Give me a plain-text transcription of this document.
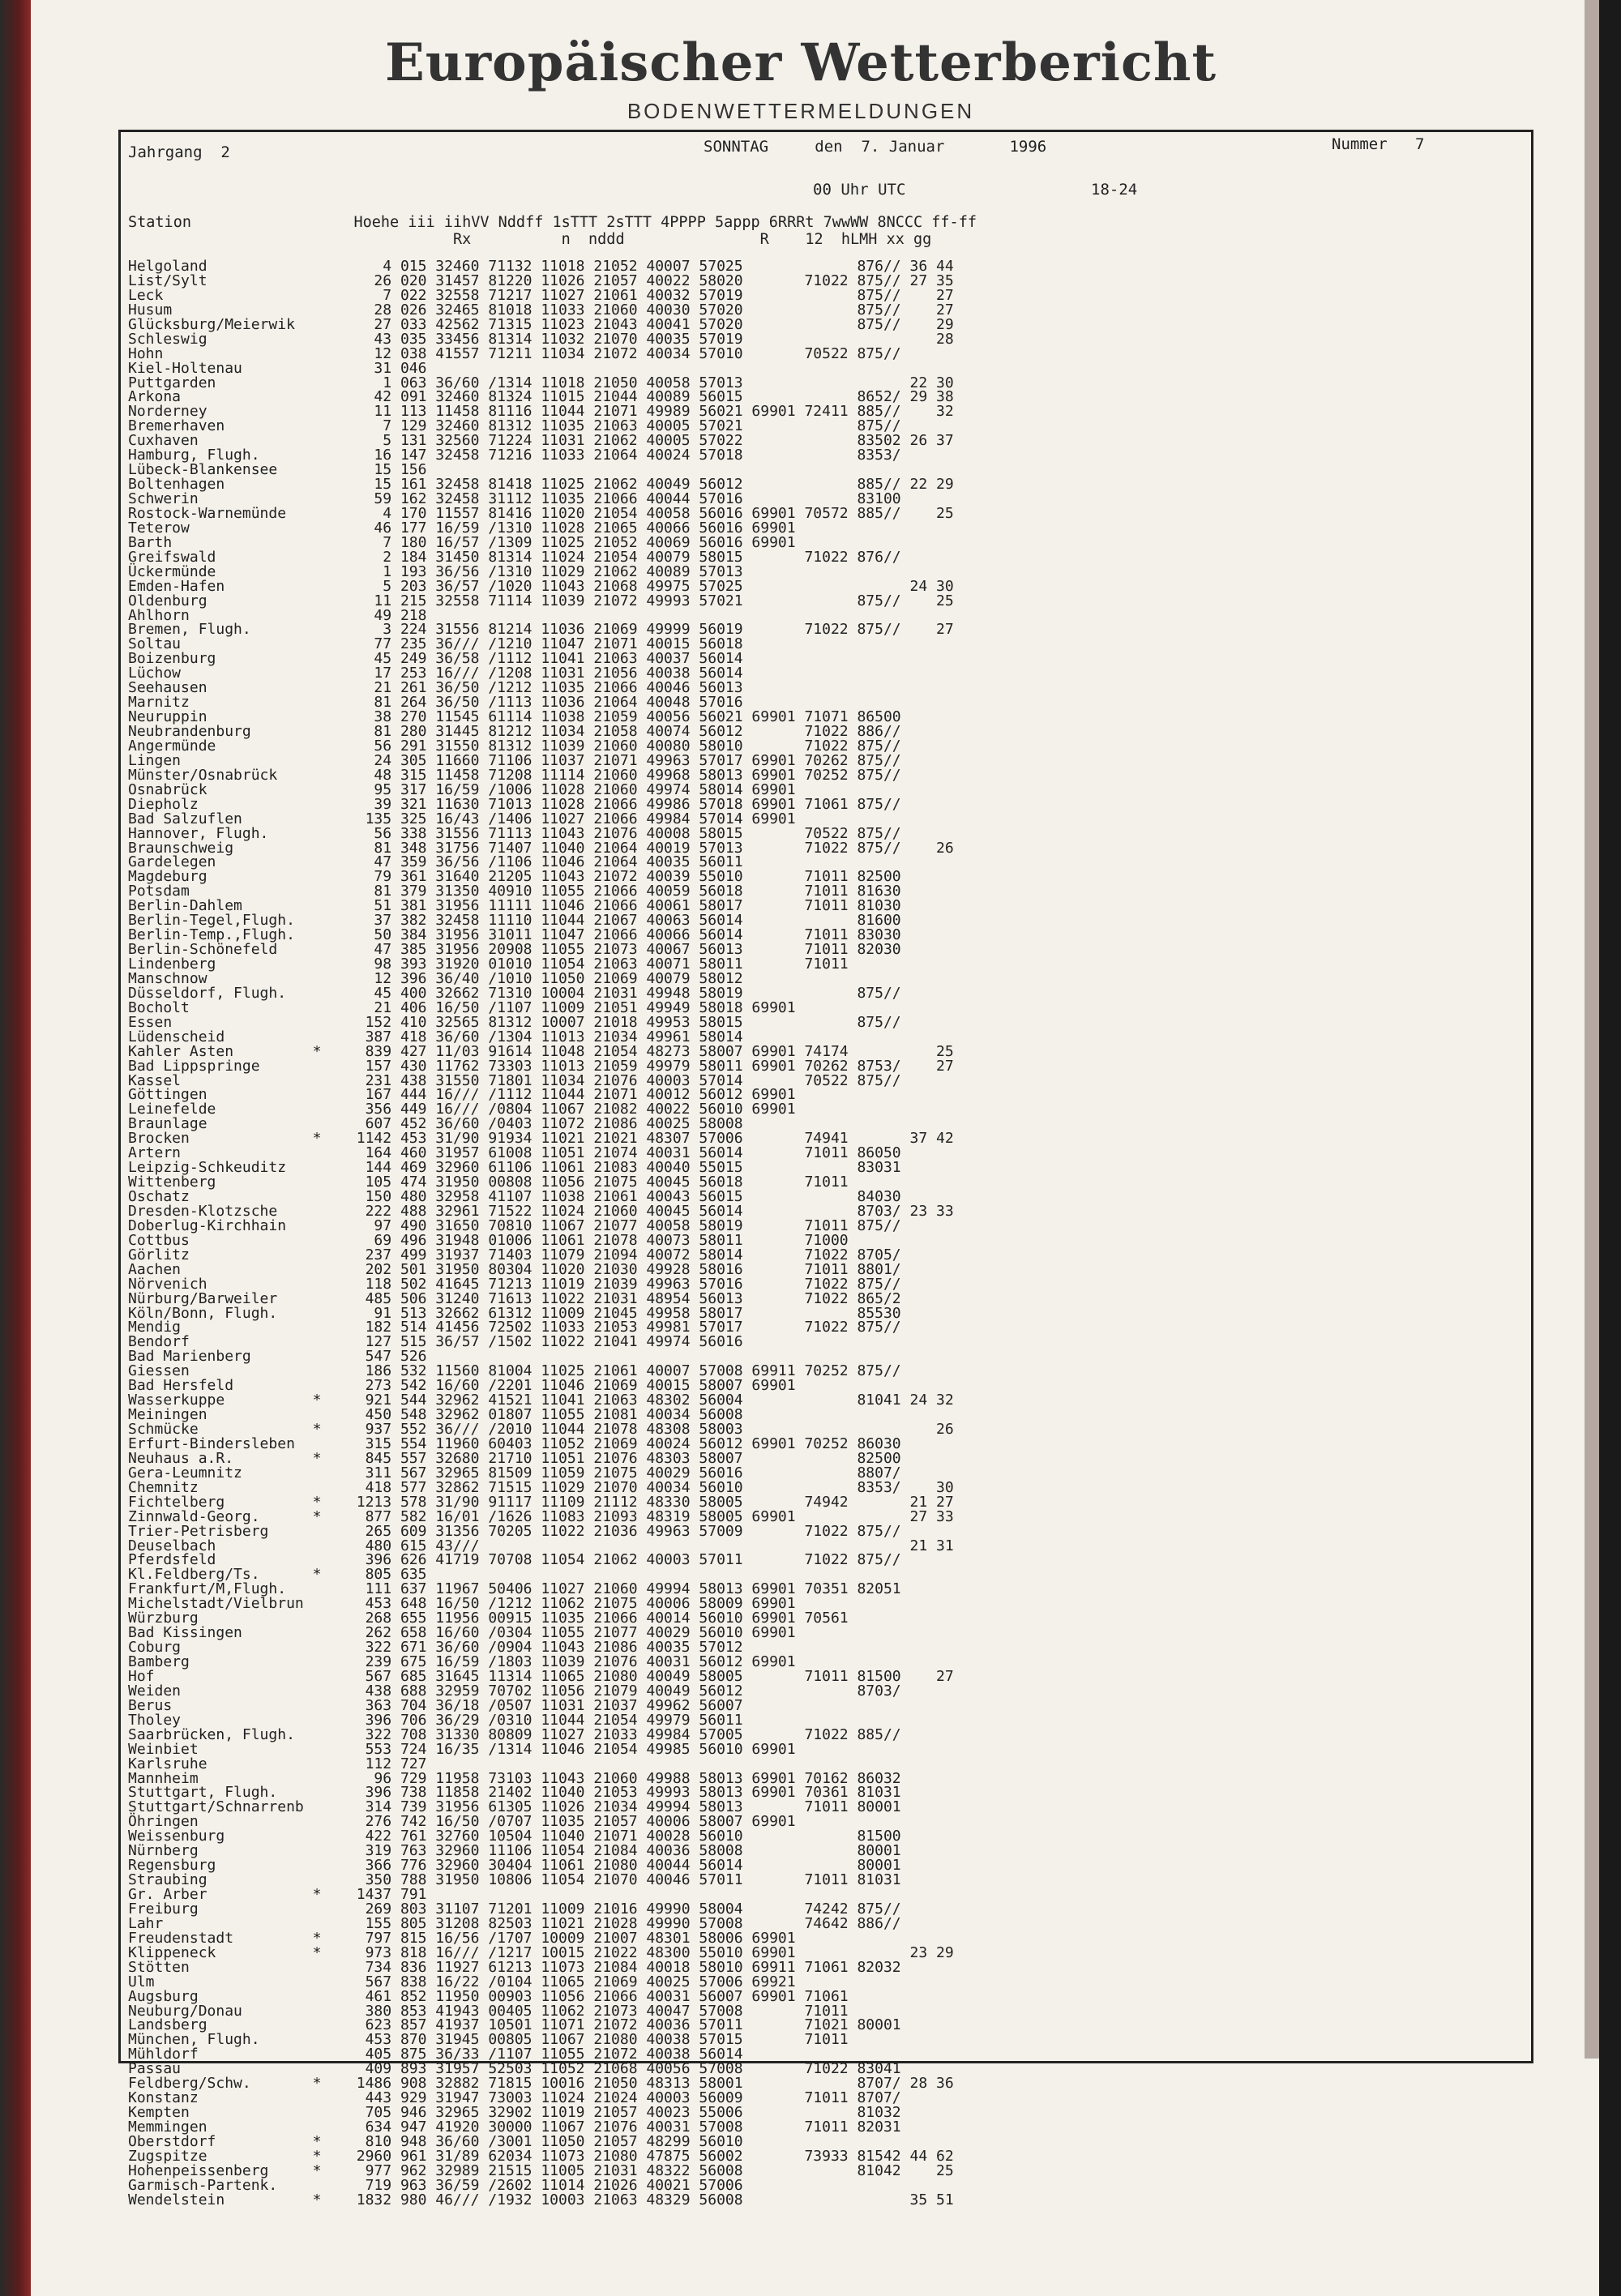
Europäischer Wetterbericht
BODENWETTERMELDUNGEN
Jahrgang  2	SONNTAG     den  7. Januar       1996	Nummer   7
00 Uhr UTC	18-24
Station                  Hoehe iii iihVV Nddff 1sTTT 2sTTT 4PPPP 5appp 6RRRt 7wwWW 8NCCC ff-ff
Rx          n  nddd               R    12  hLMH xx gg
Helgoland                    4 015 32460 71132 11018 21052 40007 57025             876// 36 44
List/Sylt                   26 020 31457 81220 11026 21057 40022 58020       71022 875// 27 35
Leck                         7 022 32558 71217 11027 21061 40032 57019             875//    27
Husum                       28 026 32465 81018 11033 21060 40030 57020             875//    27
Glücksburg/Meierwik         27 033 42562 71315 11023 21043 40041 57020             875//    29
Schleswig                   43 035 33456 81314 11032 21070 40035 57019                      28
Hohn                        12 038 41557 71211 11034 21072 40034 57010       70522 875//
Kiel-Holtenau               31 046
Puttgarden                   1 063 36/60 /1314 11018 21050 40058 57013                   22 30
Arkona                      42 091 32460 81324 11015 21044 40089 56015             8652/ 29 38
Norderney                   11 113 11458 81116 11044 21071 49989 56021 69901 72411 885//    32
Bremerhaven                  7 129 32460 81312 11035 21063 40005 57021             875//
Cuxhaven                     5 131 32560 71224 11031 21062 40005 57022             83502 26 37
Hamburg, Flugh.             16 147 32458 71216 11033 21064 40024 57018             8353/
Lübeck-Blankensee           15 156
Boltenhagen                 15 161 32458 81418 11025 21062 40049 56012             885// 22 29
Schwerin                    59 162 32458 31112 11035 21066 40044 57016             83100
Rostock-Warnemünde           4 170 11557 81416 11020 21054 40058 56016 69901 70572 885//    25
Teterow                     46 177 16/59 /1310 11028 21065 40066 56016 69901
Barth                        7 180 16/57 /1309 11025 21052 40069 56016 69901
Greifswald                   2 184 31450 81314 11024 21054 40079 58015       71022 876//
Ückermünde                   1 193 36/56 /1310 11029 21062 40089 57013
Emden-Hafen                  5 203 36/57 /1020 11043 21068 49975 57025                   24 30
Oldenburg                   11 215 32558 71114 11039 21072 49993 57021             875//    25
Ahlhorn                     49 218
Bremen, Flugh.               3 224 31556 81214 11036 21069 49999 56019       71022 875//    27
Soltau                      77 235 36/// /1210 11047 21071 40015 56018
Boizenburg                  45 249 36/58 /1112 11041 21063 40037 56014
Lüchow                      17 253 16/// /1208 11031 21056 40038 56014
Seehausen                   21 261 36/50 /1212 11035 21066 40046 56013
Marnitz                     81 264 36/50 /1113 11036 21064 40048 57016
Neuruppin                   38 270 11545 61114 11038 21059 40056 56021 69901 71071 86500
Neubrandenburg              81 280 31445 81212 11034 21058 40074 56012       71022 886//
Angermünde                  56 291 31550 81312 11039 21060 40080 58010       71022 875//
Lingen                      24 305 11660 71106 11037 21071 49963 57017 69901 70262 875//
Münster/Osnabrück           48 315 11458 71208 11114 21060 49968 58013 69901 70252 875//
Osnabrück                   95 317 16/59 /1006 11028 21060 49974 58014 69901
Diepholz                    39 321 11630 71013 11028 21066 49986 57018 69901 71061 875//
Bad Salzuflen              135 325 16/43 /1406 11027 21066 49984 57014 69901
Hannover, Flugh.            56 338 31556 71113 11043 21076 40008 58015       70522 875//
Braunschweig                81 348 31756 71407 11040 21064 40019 57013       71022 875//    26
Gardelegen                  47 359 36/56 /1106 11046 21064 40035 56011
Magdeburg                   79 361 31640 21205 11043 21072 40039 55010       71011 82500
Potsdam                     81 379 31350 40910 11055 21066 40059 56018       71011 81630
Berlin-Dahlem               51 381 31956 11111 11046 21066 40061 58017       71011 81030
Berlin-Tegel,Flugh.         37 382 32458 11110 11044 21067 40063 56014             81600
Berlin-Temp.,Flugh.         50 384 31956 31011 11047 21066 40066 56014       71011 83030
Berlin-Schönefeld           47 385 31956 20908 11055 21073 40067 56013       71011 82030
Lindenberg                  98 393 31920 01010 11054 21063 40071 58011       71011
Manschnow                   12 396 36/40 /1010 11050 21069 40079 58012
Düsseldorf, Flugh.          45 400 32662 71310 10004 21031 49948 58019             875//
Bocholt                     21 406 16/50 /1107 11009 21051 49949 58018 69901
Essen                      152 410 32565 81312 10007 21018 49953 58015             875//
Lüdenscheid                387 418 36/60 /1304 11013 21034 49961 58014
Kahler Asten         *     839 427 11/03 91614 11048 21054 48273 58007 69901 74174          25
Bad Lippspringe            157 430 11762 73303 11013 21059 49979 58011 69901 70262 8753/    27
Kassel                     231 438 31550 71801 11034 21076 40003 57014       70522 875//
Göttingen                  167 444 16/// /1112 11044 21071 40012 56012 69901
Leinefelde                 356 449 16/// /0804 11067 21082 40022 56010 69901
Braunlage                  607 452 36/60 /0403 11072 21086 40025 58008
Brocken              *    1142 453 31/90 91934 11021 21021 48307 57006       74941       37 42
Artern                     164 460 31957 61008 11051 21074 40031 56014       71011 86050
Leipzig-Schkeuditz         144 469 32960 61106 11061 21083 40040 55015             83031
Wittenberg                 105 474 31950 00808 11056 21075 40045 56018       71011
Oschatz                    150 480 32958 41107 11038 21061 40043 56015             84030
Dresden-Klotzsche          222 488 32961 71522 11024 21060 40045 56014             8703/ 23 33
Doberlug-Kirchhain          97 490 31650 70810 11067 21077 40058 58019       71011 875//
Cottbus                     69 496 31948 01006 11061 21078 40073 58011       71000
Görlitz                    237 499 31937 71403 11079 21094 40072 58014       71022 8705/
Aachen                     202 501 31950 80304 11020 21030 49928 58016       71011 8801/
Nörvenich                  118 502 41645 71213 11019 21039 49963 57016       71022 875//
Nürburg/Barweiler          485 506 31240 71613 11022 21031 48954 56013       71022 865/2
Köln/Bonn, Flugh.           91 513 32662 61312 11009 21045 49958 58017             85530
Mendig                     182 514 41456 72502 11033 21053 49981 57017       71022 875//
Bendorf                    127 515 36/57 /1502 11022 21041 49974 56016
Bad Marienberg             547 526
Giessen                    186 532 11560 81004 11025 21061 40007 57008 69911 70252 875//
Bad Hersfeld               273 542 16/60 /2201 11046 21069 40015 58007 69901
Wasserkuppe          *     921 544 32962 41521 11041 21063 48302 56004             81041 24 32
Meiningen                  450 548 32962 01807 11055 21081 40034 56008
Schmücke             *     937 552 36/// /2010 11044 21078 48308 58003                      26
Erfurt-Bindersleben        315 554 11960 60403 11052 21069 40024 56012 69901 70252 86030
Neuhaus a.R.         *     845 557 32680 21710 11051 21076 48303 58007             82500
Gera-Leumnitz              311 567 32965 81509 11059 21075 40029 56016             8807/
Chemnitz                   418 577 32862 71515 11029 21070 40034 56010             8353/    30
Fichtelberg          *    1213 578 31/90 91117 11109 21112 48330 58005       74942       21 27
Zinnwald-Georg.      *     877 582 16/01 /1626 11083 21093 48319 58005 69901             27 33
Trier-Petrisberg           265 609 31356 70205 11022 21036 49963 57009       71022 875//
Deuselbach                 480 615 43///                                                 21 31
Pferdsfeld                 396 626 41719 70708 11054 21062 40003 57011       71022 875//
Kl.Feldberg/Ts.      *     805 635
Frankfurt/M,Flugh.         111 637 11967 50406 11027 21060 49994 58013 69901 70351 82051
Michelstadt/Vielbrun       453 648 16/50 /1212 11062 21075 40006 58009 69901
Würzburg                   268 655 11956 00915 11035 21066 40014 56010 69901 70561
Bad Kissingen              262 658 16/60 /0304 11055 21077 40029 56010 69901
Coburg                     322 671 36/60 /0904 11043 21086 40035 57012
Bamberg                    239 675 16/59 /1803 11039 21076 40031 56012 69901
Hof                        567 685 31645 11314 11065 21080 40049 58005       71011 81500    27
Weiden                     438 688 32959 70702 11056 21079 40049 56012             8703/
Berus                      363 704 36/18 /0507 11031 21037 49962 56007
Tholey                     396 706 36/29 /0310 11044 21054 49979 56011
Saarbrücken, Flugh.        322 708 31330 80809 11027 21033 49984 57005       71022 885//
Weinbiet                   553 724 16/35 /1314 11046 21054 49985 56010 69901
Karlsruhe                  112 727
Mannheim                    96 729 11958 73103 11043 21060 49988 58013 69901 70162 86032
Stuttgart, Flugh.          396 738 11858 21402 11040 21053 49993 58013 69901 70361 81031
Stuttgart/Schnarrenb       314 739 31956 61305 11026 21034 49994 58013       71011 80001
Öhringen                   276 742 16/50 /0707 11035 21057 40006 58007 69901
Weissenburg                422 761 32760 10504 11040 21071 40028 56010             81500
Nürnberg                   319 763 32960 11106 11054 21084 40036 58008             80001
Regensburg                 366 776 32960 30404 11061 21080 40044 56014             80001
Straubing                  350 788 31950 10806 11054 21070 40046 57011       71011 81031
Gr. Arber            *    1437 791
Freiburg                   269 803 31107 71201 11009 21016 49990 58004       74242 875//
Lahr                       155 805 31208 82503 11021 21028 49990 57008       74642 886//
Freudenstadt         *     797 815 16/56 /1707 10009 21007 48301 58006 69901
Klippeneck           *     973 818 16/// /1217 10015 21022 48300 55010 69901             23 29
Stötten                    734 836 11927 61213 11073 21084 40018 58010 69911 71061 82032
Ulm                        567 838 16/22 /0104 11065 21069 40025 57006 69921
Augsburg                   461 852 11950 00903 11056 21066 40031 56007 69901 71061
Neuburg/Donau              380 853 41943 00405 11062 21073 40047 57008       71011
Landsberg                  623 857 41937 10501 11071 21072 40036 57011       71021 80001
München, Flugh.            453 870 31945 00805 11067 21080 40038 57015       71011
Mühldorf                   405 875 36/33 /1107 11055 21072 40038 56014
Passau                     409 893 31957 52503 11052 21068 40056 57008       71022 83041
Feldberg/Schw.       *    1486 908 32882 71815 10016 21050 48313 58001             8707/ 28 36
Konstanz                   443 929 31947 73003 11024 21024 40003 56009       71011 8707/
Kempten                    705 946 32965 32902 11019 21057 40023 55006             81032
Memmingen                  634 947 41920 30000 11067 21076 40031 57008       71011 82031
Oberstdorf           *     810 948 36/60 /3001 11050 21057 48299 56010
Zugspitze            *    2960 961 31/89 62034 11073 21080 47875 56002       73933 81542 44 62
Hohenpeissenberg     *     977 962 32989 21515 11005 21031 48322 56008             81042    25
Garmisch-Partenk.          719 963 36/59 /2602 11014 21026 40021 57006
Wendelstein          *    1832 980 46/// /1932 10003 21063 48329 56008                   35 51
